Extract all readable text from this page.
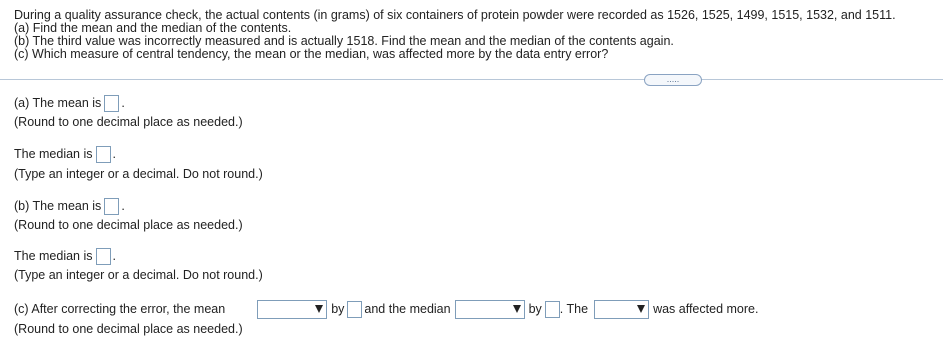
During a quality assurance check, the actual contents (in grams) of six containers of protein powder were recorded as 1526, 1525, 1499, 1515, 1532, and 1511.
(a) Find the mean and the median of the contents.
(b) The third value was incorrectly measured and is actually 1518. Find the mean and the median of the contents again.
(c) Which measure of central tendency, the mean or the median, was affected more by the data entry error?
.....
(a) The mean is .
(Round to one decimal place as needed.)
The median is .
(Type an integer or a decimal. Do not round.)
(b) The mean is .
(Round to one decimal place as needed.)
The median is .
(Type an integer or a decimal. Do not round.)
(c) After correcting the error, the mean	by and the median	by . The	was affected more.
(Round to one decimal place as needed.)
